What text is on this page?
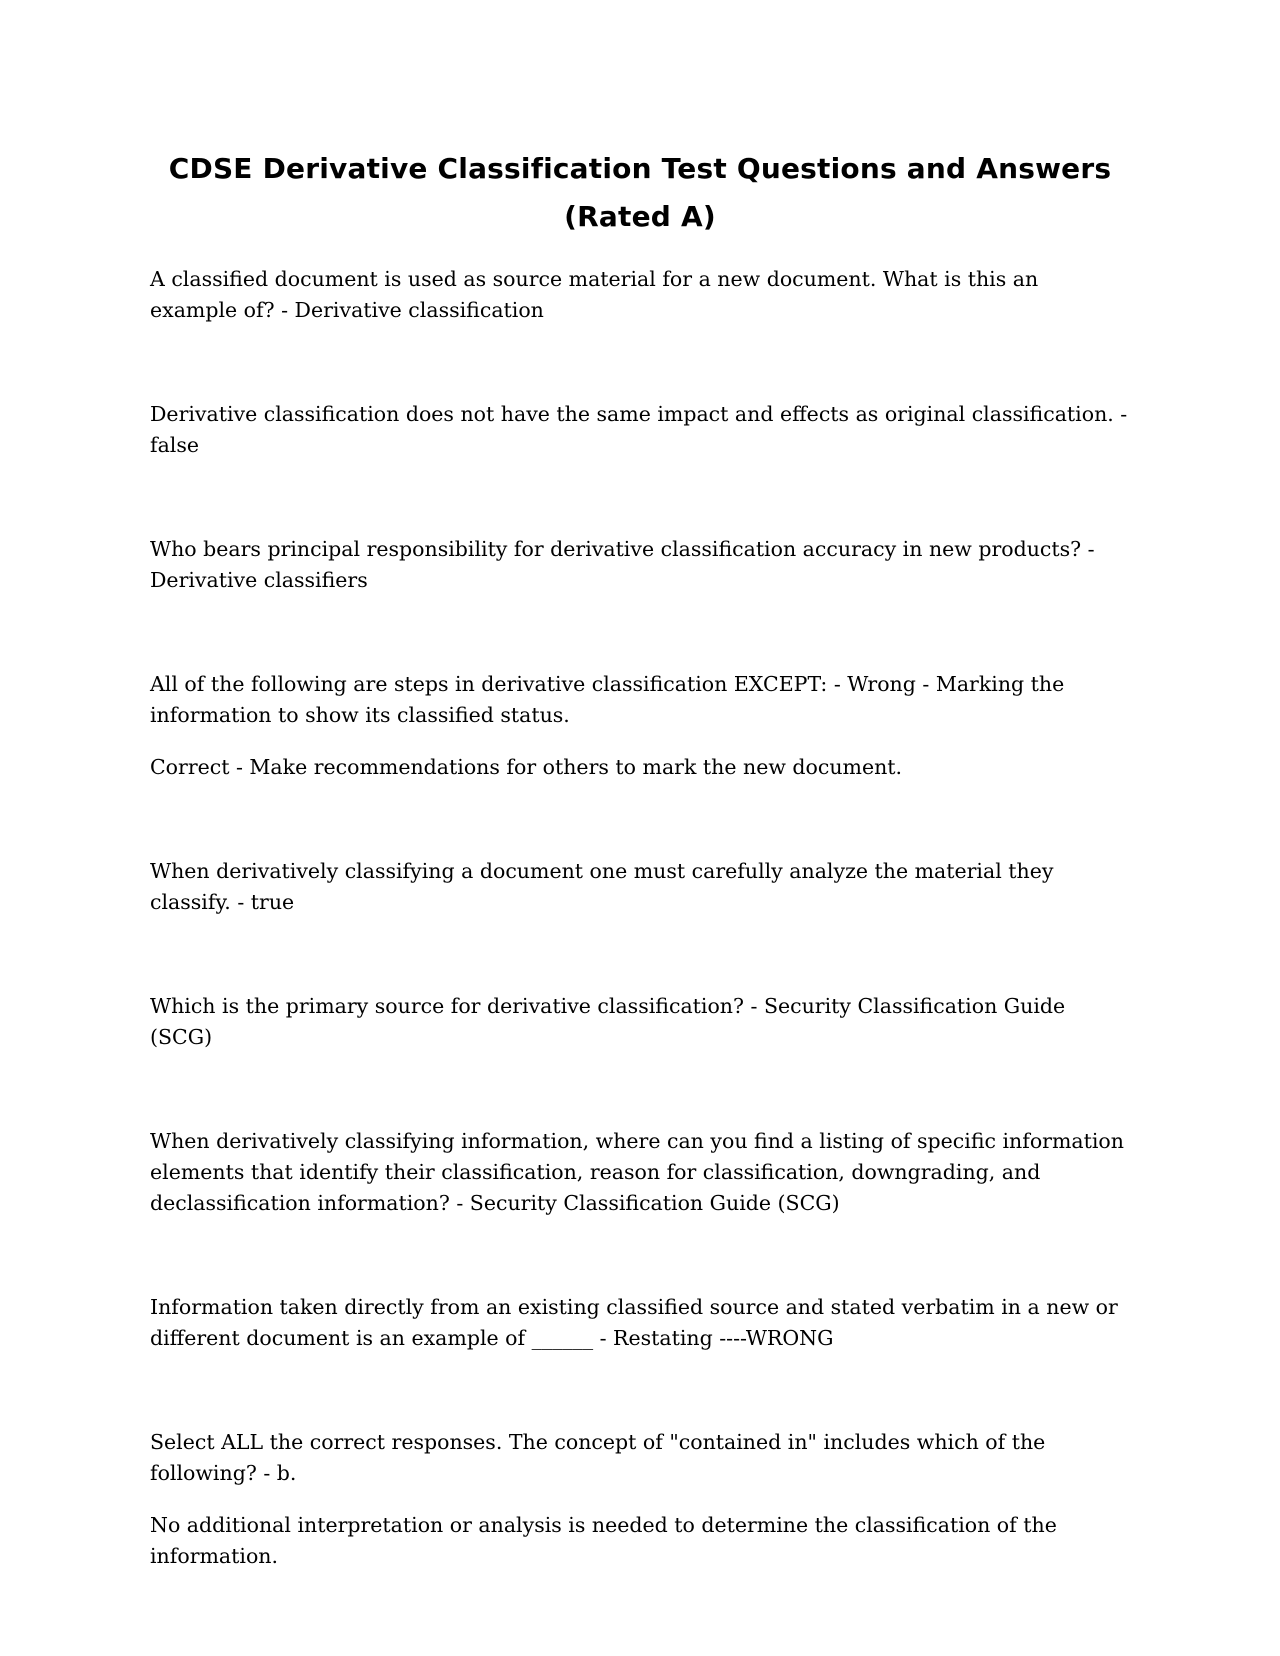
CDSE Derivative Classification Test Questions and Answers
(Rated A)

A classified document is used as source material for a new document. What is this an example of? - Derivative classification

Derivative classification does not have the same impact and effects as original classification. - false

Who bears principal responsibility for derivative classification accuracy in new products? - Derivative classifiers

All of the following are steps in derivative classification EXCEPT: - Wrong - Marking the information to show its classified status.

Correct - Make recommendations for others to mark the new document.

When derivatively classifying a document one must carefully analyze the material they classify. - true

Which is the primary source for derivative classification? - Security Classification Guide (SCG)

When derivatively classifying information, where can you find a listing of specific information elements that identify their classification, reason for classification, downgrading, and declassification information? - Security Classification Guide (SCG)

Information taken directly from an existing classified source and stated verbatim in a new or different document is an example of ______ - Restating ----WRONG

Select ALL the correct responses. The concept of "contained in" includes which of the following? - b.

No additional interpretation or analysis is needed to determine the classification of the information.
